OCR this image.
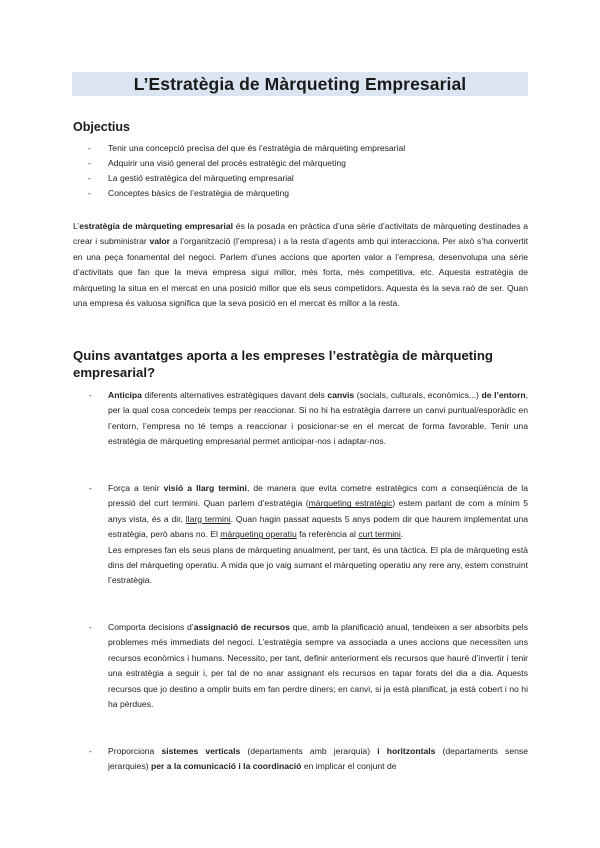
L’Estratègia de Màrqueting Empresarial
Objectius
- Tenir una concepció precisa del que és l’estratègia de màrqueting empresarial
- Adquirir una visió general del procés estratègic del màrqueting
- La gestió estratègica del màrqueting empresarial
- Conceptes bàsics de l’estratègia de màrqueting

L’estratègia de màrqueting empresarial és la posada en pràctica d’una sèrie d’activitats de màrqueting destinades a crear i subministrar valor a l’organització (l’empresa) i a la resta d’agents amb qui interacciona. Per això s’ha convertit en una peça fonamental del negoci. Parlem d’unes accions que aporten valor a l’empresa, desenvolupa una sèrie d’activitats que fan que la meva empresa sigui millor, més forta, més competitiva, etc. Aquesta estratègia de màrqueting la situa en el mercat en una posició millor que els seus competidors. Aquesta és la seva raó de ser. Quan una empresa és valuosa significa que la seva posició en el mercat és millor a la resta.

Quins avantatges aporta a les empreses l’estratègia de màrqueting empresarial?
- Anticipa diferents alternatives estratègiques davant dels canvis (socials, culturals, econòmics...) de l’entorn, per la qual cosa concedeix temps per reaccionar. Si no hi ha estratègia darrere un canvi puntual/esporàdic en l’entorn, l’empresa no té temps a reaccionar i posicionar-se en el mercat de forma favorable. Tenir una estratègia de màrqueting empresarial permet anticipar-nos i adaptar-nos.

- Força a tenir visió a llarg termini, de manera que evita cometre estratègics com a conseqüència de la pressió del curt termini. Quan parlem d’estratègia (màrqueting estratègic) estem parlant de com a mínim 5 anys vista, és a dir, llarg termini. Quan hagin passat aquests 5 anys podem dir que haurem implementat una estratègia, però abans no. El màrqueting operatiu fa referència al curt termini.

Les empreses fan els seus plans de màrqueting anualment, per tant, és una tàctica. El pla de màrqueting està dins del màrqueting operatiu. A mida que jo vaig sumant el màrqueting operatiu any rere any, estem construint l’estratègia.

- Comporta decisions d’assignació de recursos que, amb la planificació anual, tendeixen a ser absorbits pels problemes més immediats del negoci. L’estratègia sempre va associada a unes accions que necessiten uns recursos econòmics i humans. Necessito, per tant, definir anteriorment els recursos que hauré d’invertir i tenir una estratègia a seguir i, per tal de no anar assignant els recursos en tapar forats del dia a dia. Aquests recursos que jo destino a omplir buits em fan perdre diners; en canvi, si ja està planificat, ja està cobert i no hi ha pèrdues.

- Proporciona sistemes verticals (departaments amb jerarquia) i horitzontals (departaments sense jerarquies) per a la comunicació i la coordinació en implicar el conjunt de
